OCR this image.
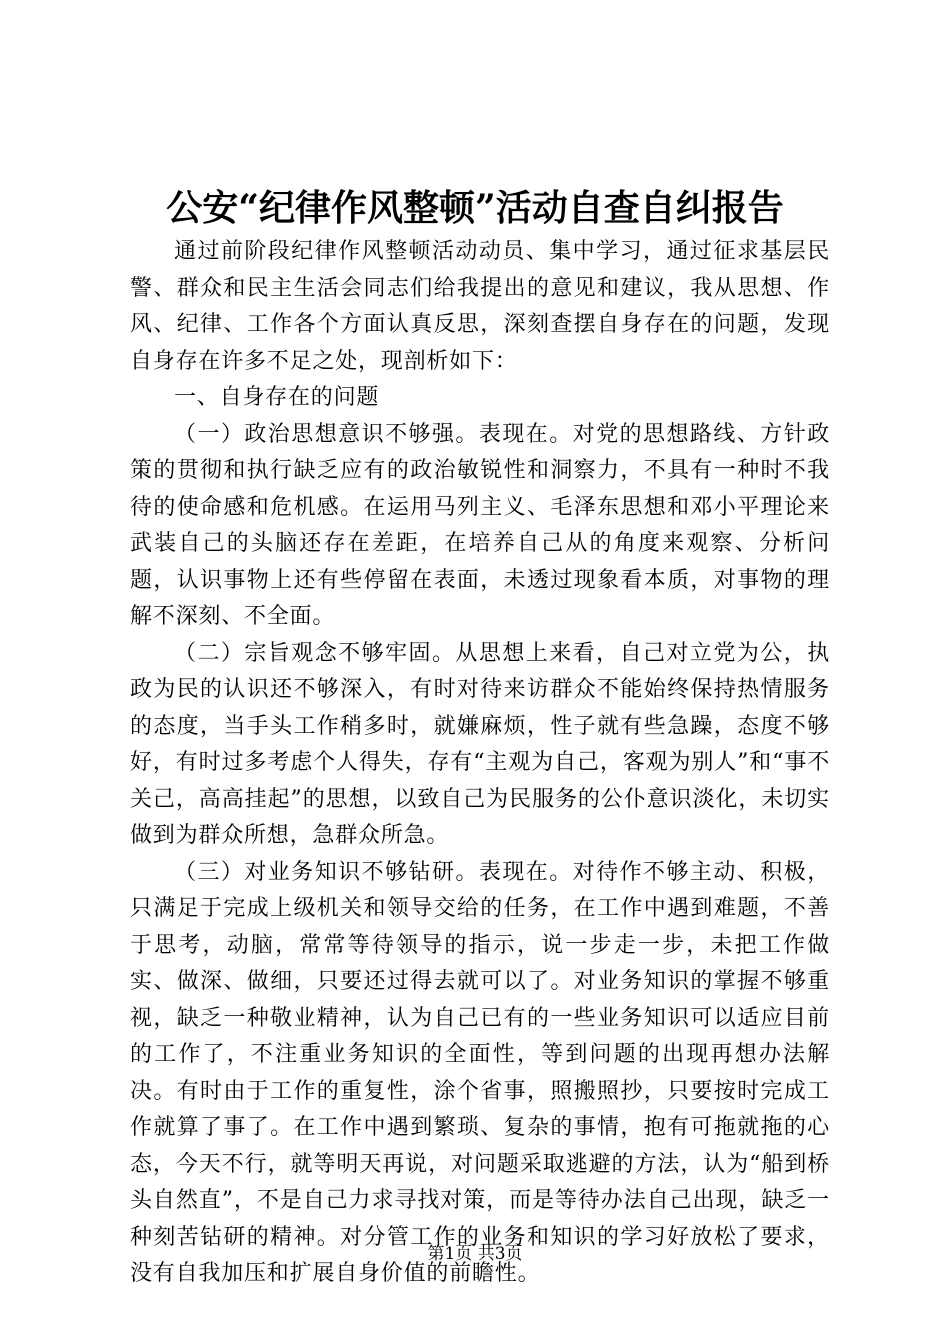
公安“纪律作风整顿”活动自查自纠报告

通过前阶段纪律作风整顿活动动员、集中学习，通过征求基层民警、群众和民主生活会同志们给我提出的意见和建议，我从思想、作风、纪律、工作各个方面认真反思，深刻查摆自身存在的问题，发现自身存在许多不足之处，现剖析如下：

一、自身存在的问题

（一）政治思想意识不够强。表现在。对党的思想路线、方针政策的贯彻和执行缺乏应有的政治敏锐性和洞察力，不具有一种时不我待的使命感和危机感。在运用马列主义、毛泽东思想和邓小平理论来武装自己的头脑还存在差距，在培养自己从的角度来观察、分析问题，认识事物上还有些停留在表面，未透过现象看本质，对事物的理解不深刻、不全面。

（二）宗旨观念不够牢固。从思想上来看，自己对立党为公，执政为民的认识还不够深入，有时对待来访群众不能始终保持热情服务的态度，当手头工作稍多时，就嫌麻烦，性子就有些急躁，态度不够好，有时过多考虑个人得失，存有“主观为自己，客观为别人”和“事不关己，高高挂起”的思想，以致自己为民服务的公仆意识淡化，未切实做到为群众所想，急群众所急。

（三）对业务知识不够钻研。表现在。对待作不够主动、积极，只满足于完成上级机关和领导交给的任务，在工作中遇到难题，不善于思考，动脑，常常等待领导的指示，说一步走一步，未把工作做实、做深、做细，只要还过得去就可以了。对业务知识的掌握不够重视，缺乏一种敬业精神，认为自己已有的一些业务知识可以适应目前的工作了，不注重业务知识的全面性，等到问题的出现再想办法解决。有时由于工作的重复性，涂个省事，照搬照抄，只要按时完成工作就算了事了。在工作中遇到繁琐、复杂的事情，抱有可拖就拖的心态，今天不行，就等明天再说，对问题采取逃避的方法，认为“船到桥头自然直”，不是自己力求寻找对策，而是等待办法自己出现，缺乏一种刻苦钻研的精神。对分管工作的业务和知识的学习好放松了要求，没有自我加压和扩展自身价值的前瞻性。

第1页 共3页
